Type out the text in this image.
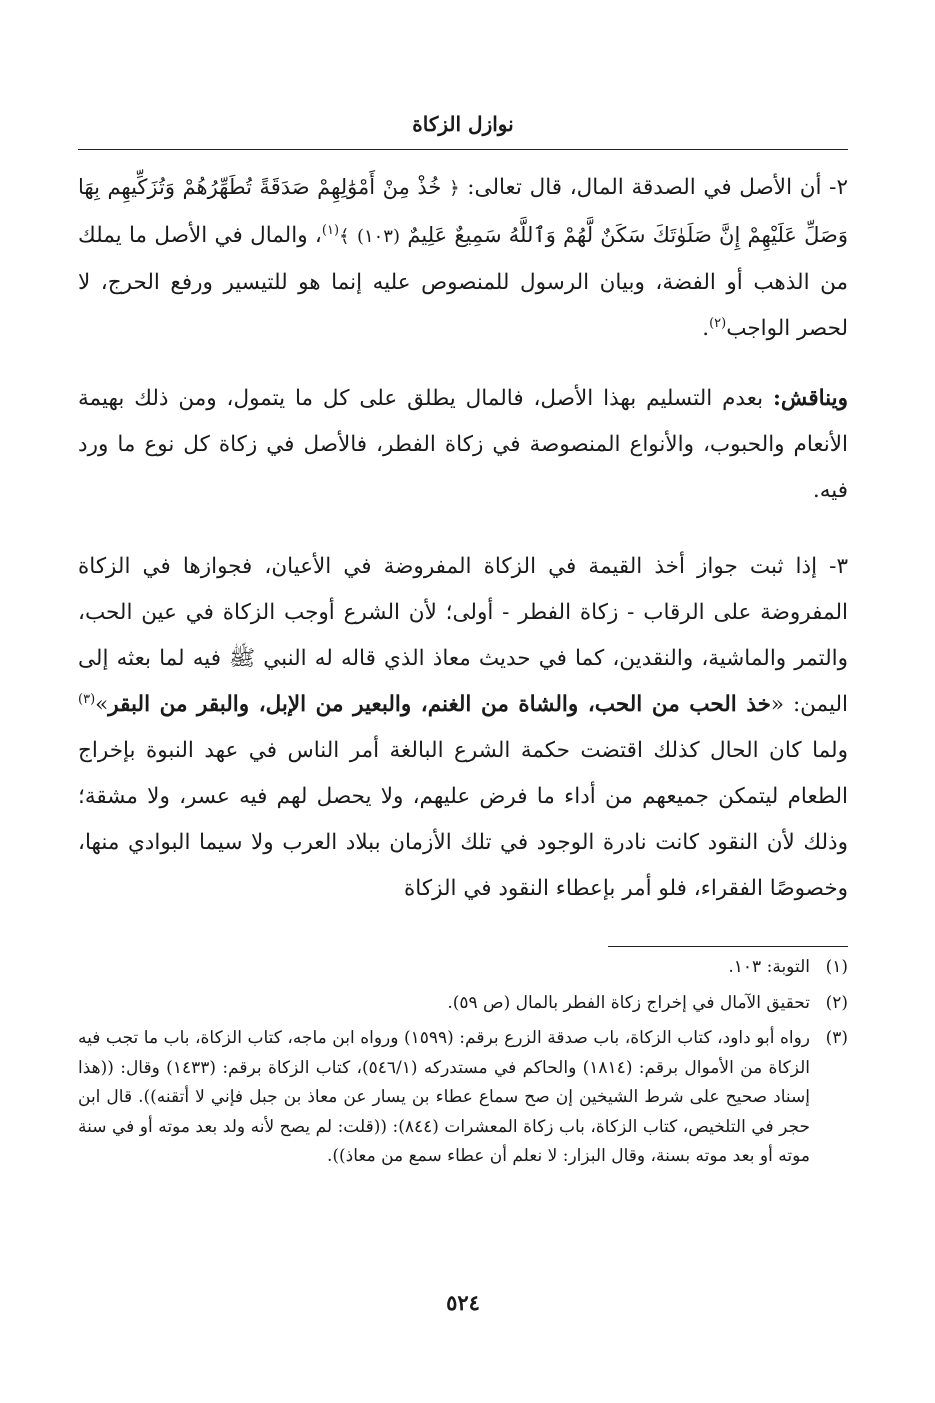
نوازل الزكاة

٢- أن الأصل في الصدقة المال، قال تعالى: ﴿ خُذْ مِنْ أَمْوَٰلِهِمْ صَدَقَةً تُطَهِّرُهُمْ وَتُزَكِّيهِم بِهَا وَصَلِّ عَلَيْهِمْ إِنَّ صَلَوٰتَكَ سَكَنٌ لَّهُمْ وَٱللَّهُ سَمِيعٌ عَلِيمٌ (١٠٣) ﴾$^{(١)}$، والمال في الأصل ما يملك من الذهب أو الفضة، وبيان الرسول للمنصوص عليه إنما هو للتيسير ورفع الحرج، لا لحصر الواجب$^{(٢)}$.

ويناقش: بعدم التسليم بهذا الأصل، فالمال يطلق على كل ما يتمول، ومن ذلك بهيمة الأنعام والحبوب، والأنواع المنصوصة في زكاة الفطر، فالأصل في زكاة كل نوع ما ورد فيه.

٣- إذا ثبت جواز أخذ القيمة في الزكاة المفروضة في الأعيان، فجوازها في الزكاة المفروضة على الرقاب - زكاة الفطر - أولى؛ لأن الشرع أوجب الزكاة في عين الحب، والتمر والماشية، والنقدين، كما في حديث معاذ الذي قاله له النبي ﷺ فيه لما بعثه إلى اليمن: «خذ الحب من الحب، والشاة من الغنم، والبعير من الإبل، والبقر من البقر»$^{(٣)}$ ولما كان الحال كذلك اقتضت حكمة الشرع البالغة أمر الناس في عهد النبوة بإخراج الطعام ليتمكن جميعهم من أداء ما فرض عليهم، ولا يحصل لهم فيه عسر، ولا مشقة؛ وذلك لأن النقود كانت نادرة الوجود في تلك الأزمان ببلاد العرب ولا سيما البوادي منها، وخصوصًا الفقراء، فلو أمر بإعطاء النقود في الزكاة

(١)
التوبة: ١٠٣.

(٢)
تحقيق الآمال في إخراج زكاة الفطر بالمال (ص ٥٩).

(٣)
رواه أبو داود، كتاب الزكاة، باب صدقة الزرع برقم: (١٥٩٩) ورواه ابن ماجه، كتاب الزكاة، باب ما تجب فيه الزكاة من الأموال برقم: (١٨١٤) والحاكم في مستدركه (٥٤٦/١)، كتاب الزكاة برقم: (١٤٣٣) وقال: ((هذا إسناد صحيح على شرط الشيخين إن صح سماع عطاء بن يسار عن معاذ بن جبل فإني لا أتقنه)). قال ابن حجر في التلخيص، كتاب الزكاة، باب زكاة المعشرات (٨٤٤): ((قلت: لم يصح لأنه ولد بعد موته أو في سنة موته أو بعد موته بسنة، وقال البزار: لا نعلم أن عطاء سمع من معاذ)).

٥٢٤
